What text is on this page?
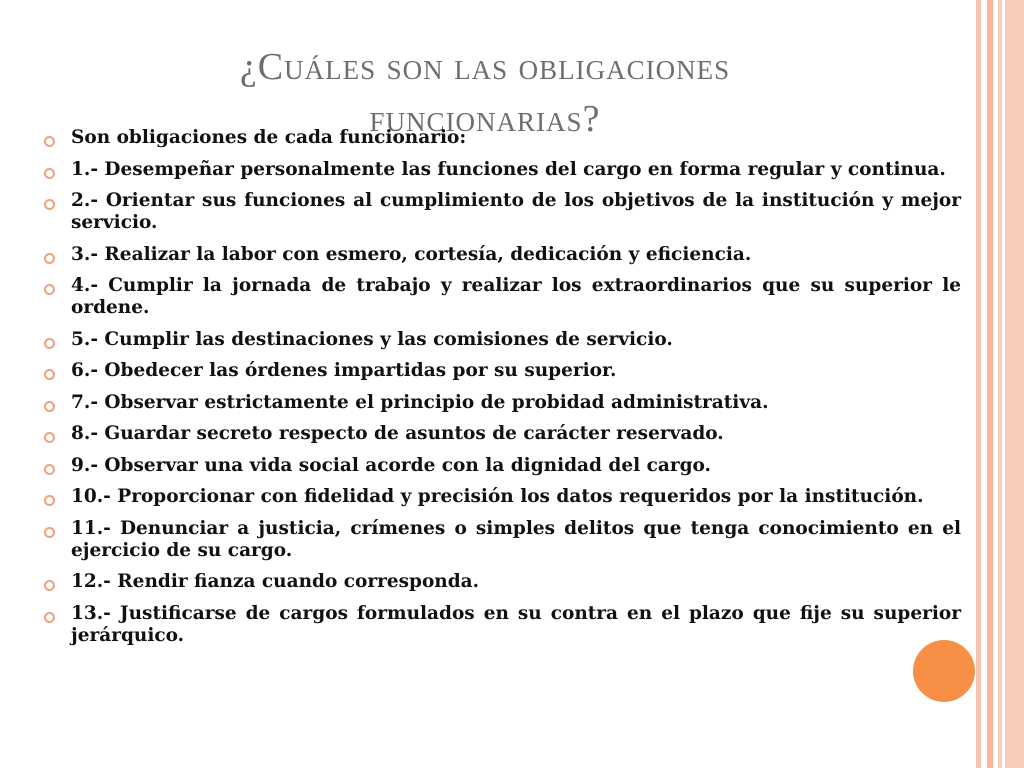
¿Cuáles son las obligaciones
funcionarias?
Son obligaciones de cada funcionario:
1.- Desempeñar personalmente las funciones del cargo en forma regular y continua.
2.- Orientar sus funciones al cumplimiento de los objetivos de la institución y mejor servicio.
3.- Realizar la labor con esmero, cortesía, dedicación y eficiencia.
4.- Cumplir la jornada de trabajo y realizar los extraordinarios que su superior le ordene.
5.- Cumplir las destinaciones y las comisiones de servicio.
6.- Obedecer las órdenes impartidas por su superior.
7.- Observar estrictamente el principio de probidad administrativa.
8.- Guardar secreto respecto de asuntos de carácter reservado.
9.- Observar una vida social acorde con la dignidad del cargo.
10.- Proporcionar con fidelidad y precisión los datos requeridos por la institución.
11.- Denunciar a justicia, crímenes o simples delitos que tenga conocimiento en el ejercicio de su cargo.
12.- Rendir fianza cuando corresponda.
13.- Justificarse de cargos formulados en su contra en el plazo que fije su superior jerárquico.
